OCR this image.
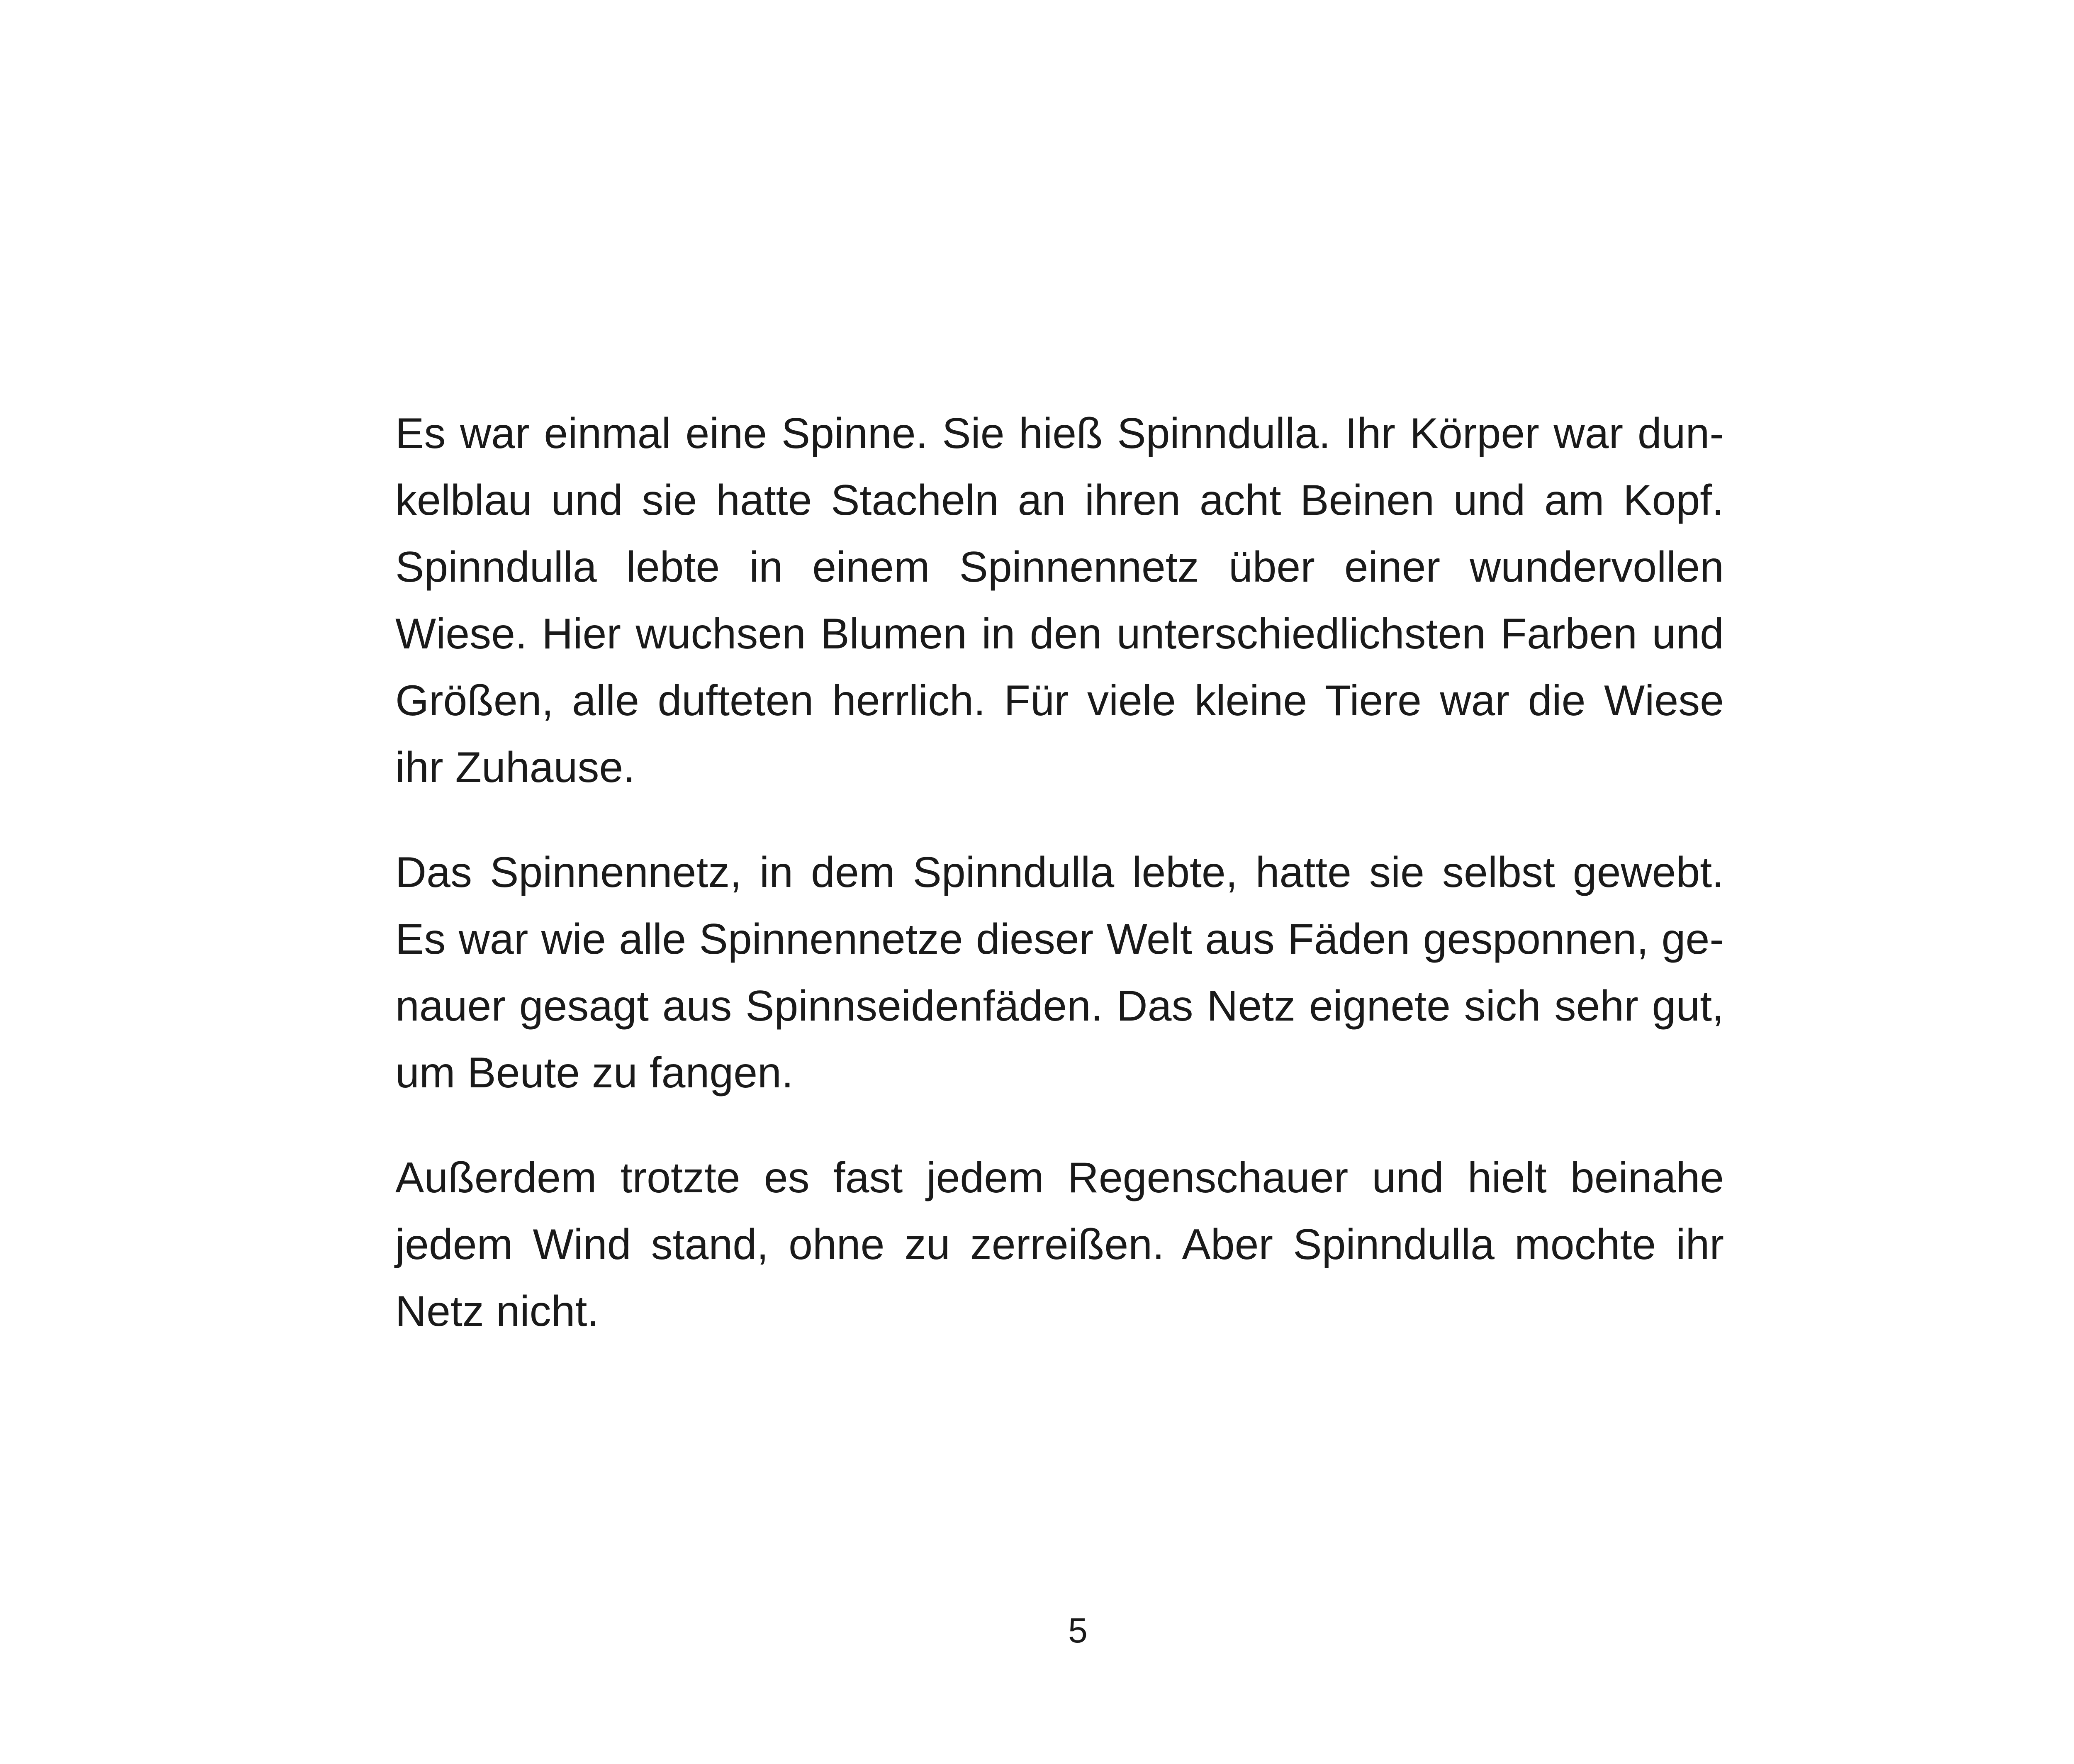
Es war einmal eine Spinne. Sie hieß Spinndulla. Ihr Körper war dun-
kelblau und sie hatte Stacheln an ihren acht Beinen und am Kopf.
Spinndulla lebte in einem Spinnennetz über einer wundervollen
Wiese. Hier wuchsen Blumen in den unterschiedlichsten Farben und
Größen, alle dufteten herrlich. Für viele kleine Tiere war die Wiese
ihr Zuhause.
Das Spinnennetz, in dem Spinndulla lebte, hatte sie selbst gewebt.
Es war wie alle Spinnennetze dieser Welt aus Fäden gesponnen, ge-
nauer gesagt aus Spinnseidenfäden. Das Netz eignete sich sehr gut,
um Beute zu fangen.
Außerdem trotzte es fast jedem Regenschauer und hielt beinahe
jedem Wind stand, ohne zu zerreißen. Aber Spinndulla mochte ihr
Netz nicht.
5
